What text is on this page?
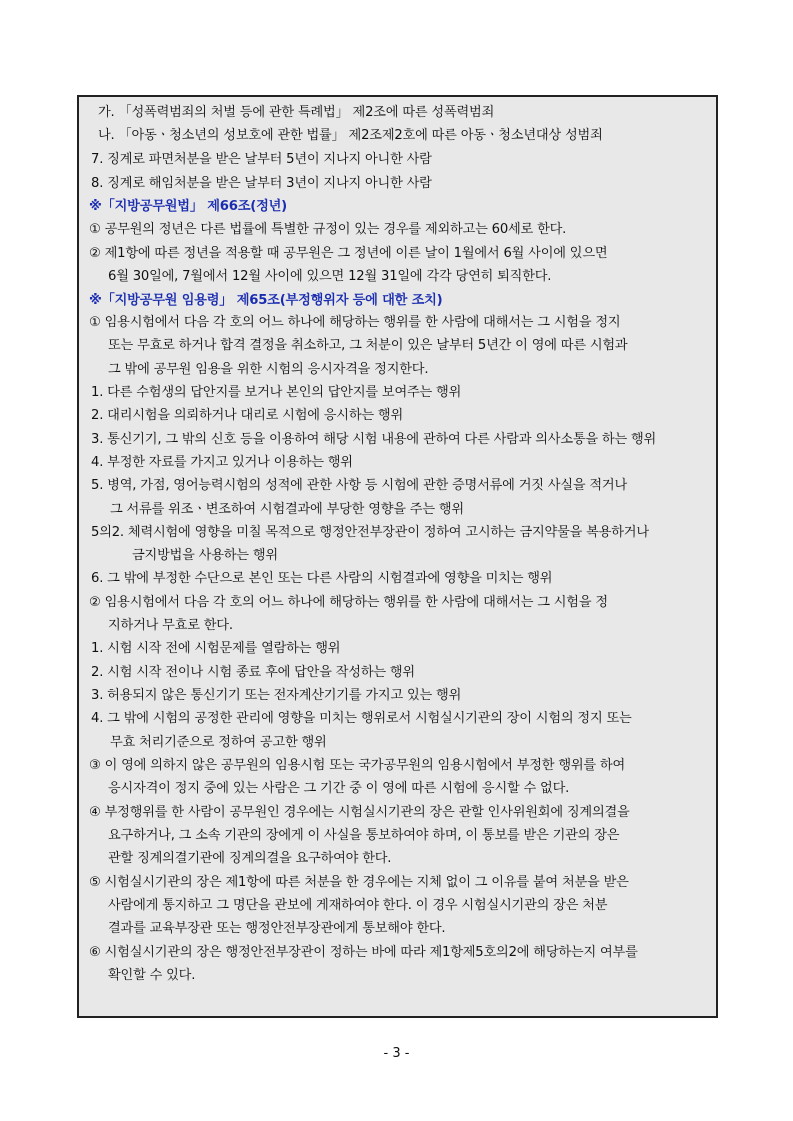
가. 「성폭력범죄의 처벌 등에 관한 특례법」 제2조에 따른 성폭력범죄
나. 「아동ㆍ청소년의 성보호에 관한 법률」 제2조제2호에 따른 아동ㆍ청소년대상 성범죄
7. 징계로 파면처분을 받은 날부터 5년이 지나지 아니한 사람
8. 징계로 해임처분을 받은 날부터 3년이 지나지 아니한 사람
※「지방공무원법」 제66조(정년)
① 공무원의 정년은 다른 법률에 특별한 규정이 있는 경우를 제외하고는 60세로 한다.
② 제1항에 따른 정년을 적용할 때 공무원은 그 정년에 이른 날이 1월에서 6월 사이에 있으면
6월 30일에, 7월에서 12월 사이에 있으면 12월 31일에 각각 당연히 퇴직한다.
※「지방공무원 임용령」 제65조(부정행위자 등에 대한 조치)
① 임용시험에서 다음 각 호의 어느 하나에 해당하는 행위를 한 사람에 대해서는 그 시험을 정지
또는 무효로 하거나 합격 결정을 취소하고, 그 처분이 있은 날부터 5년간 이 영에 따른 시험과
그 밖에 공무원 임용을 위한 시험의 응시자격을 정지한다.
1. 다른 수험생의 답안지를 보거나 본인의 답안지를 보여주는 행위
2. 대리시험을 의뢰하거나 대리로 시험에 응시하는 행위
3. 통신기기, 그 밖의 신호 등을 이용하여 해당 시험 내용에 관하여 다른 사람과 의사소통을 하는 행위
4. 부정한 자료를 가지고 있거나 이용하는 행위
5. 병역, 가점, 영어능력시험의 성적에 관한 사항 등 시험에 관한 증명서류에 거짓 사실을 적거나
그 서류를 위조ㆍ변조하여 시험결과에 부당한 영향을 주는 행위
5의2. 체력시험에 영향을 미칠 목적으로 행정안전부장관이 정하여 고시하는 금지약물을 복용하거나
금지방법을 사용하는 행위
6. 그 밖에 부정한 수단으로 본인 또는 다른 사람의 시험결과에 영향을 미치는 행위
② 임용시험에서 다음 각 호의 어느 하나에 해당하는 행위를 한 사람에 대해서는 그 시험을 정
지하거나 무효로 한다.
1. 시험 시작 전에 시험문제를 열람하는 행위
2. 시험 시작 전이나 시험 종료 후에 답안을 작성하는 행위
3. 허용되지 않은 통신기기 또는 전자계산기기를 가지고 있는 행위
4. 그 밖에 시험의 공정한 관리에 영향을 미치는 행위로서 시험실시기관의 장이 시험의 정지 또는
무효 처리기준으로 정하여 공고한 행위
③ 이 영에 의하지 않은 공무원의 임용시험 또는 국가공무원의 임용시험에서 부정한 행위를 하여
응시자격이 정지 중에 있는 사람은 그 기간 중 이 영에 따른 시험에 응시할 수 없다.
④ 부정행위를 한 사람이 공무원인 경우에는 시험실시기관의 장은 관할 인사위원회에 징계의결을
요구하거나, 그 소속 기관의 장에게 이 사실을 통보하여야 하며, 이 통보를 받은 기관의 장은
관할 징계의결기관에 징계의결을 요구하여야 한다.
⑤ 시험실시기관의 장은 제1항에 따른 처분을 한 경우에는 지체 없이 그 이유를 붙여 처분을 받은
사람에게 통지하고 그 명단을 관보에 게재하여야 한다. 이 경우 시험실시기관의 장은 처분
결과를 교육부장관 또는 행정안전부장관에게 통보해야 한다.
⑥ 시험실시기관의 장은 행정안전부장관이 정하는 바에 따라 제1항제5호의2에 해당하는지 여부를
확인할 수 있다.
- 3 -
